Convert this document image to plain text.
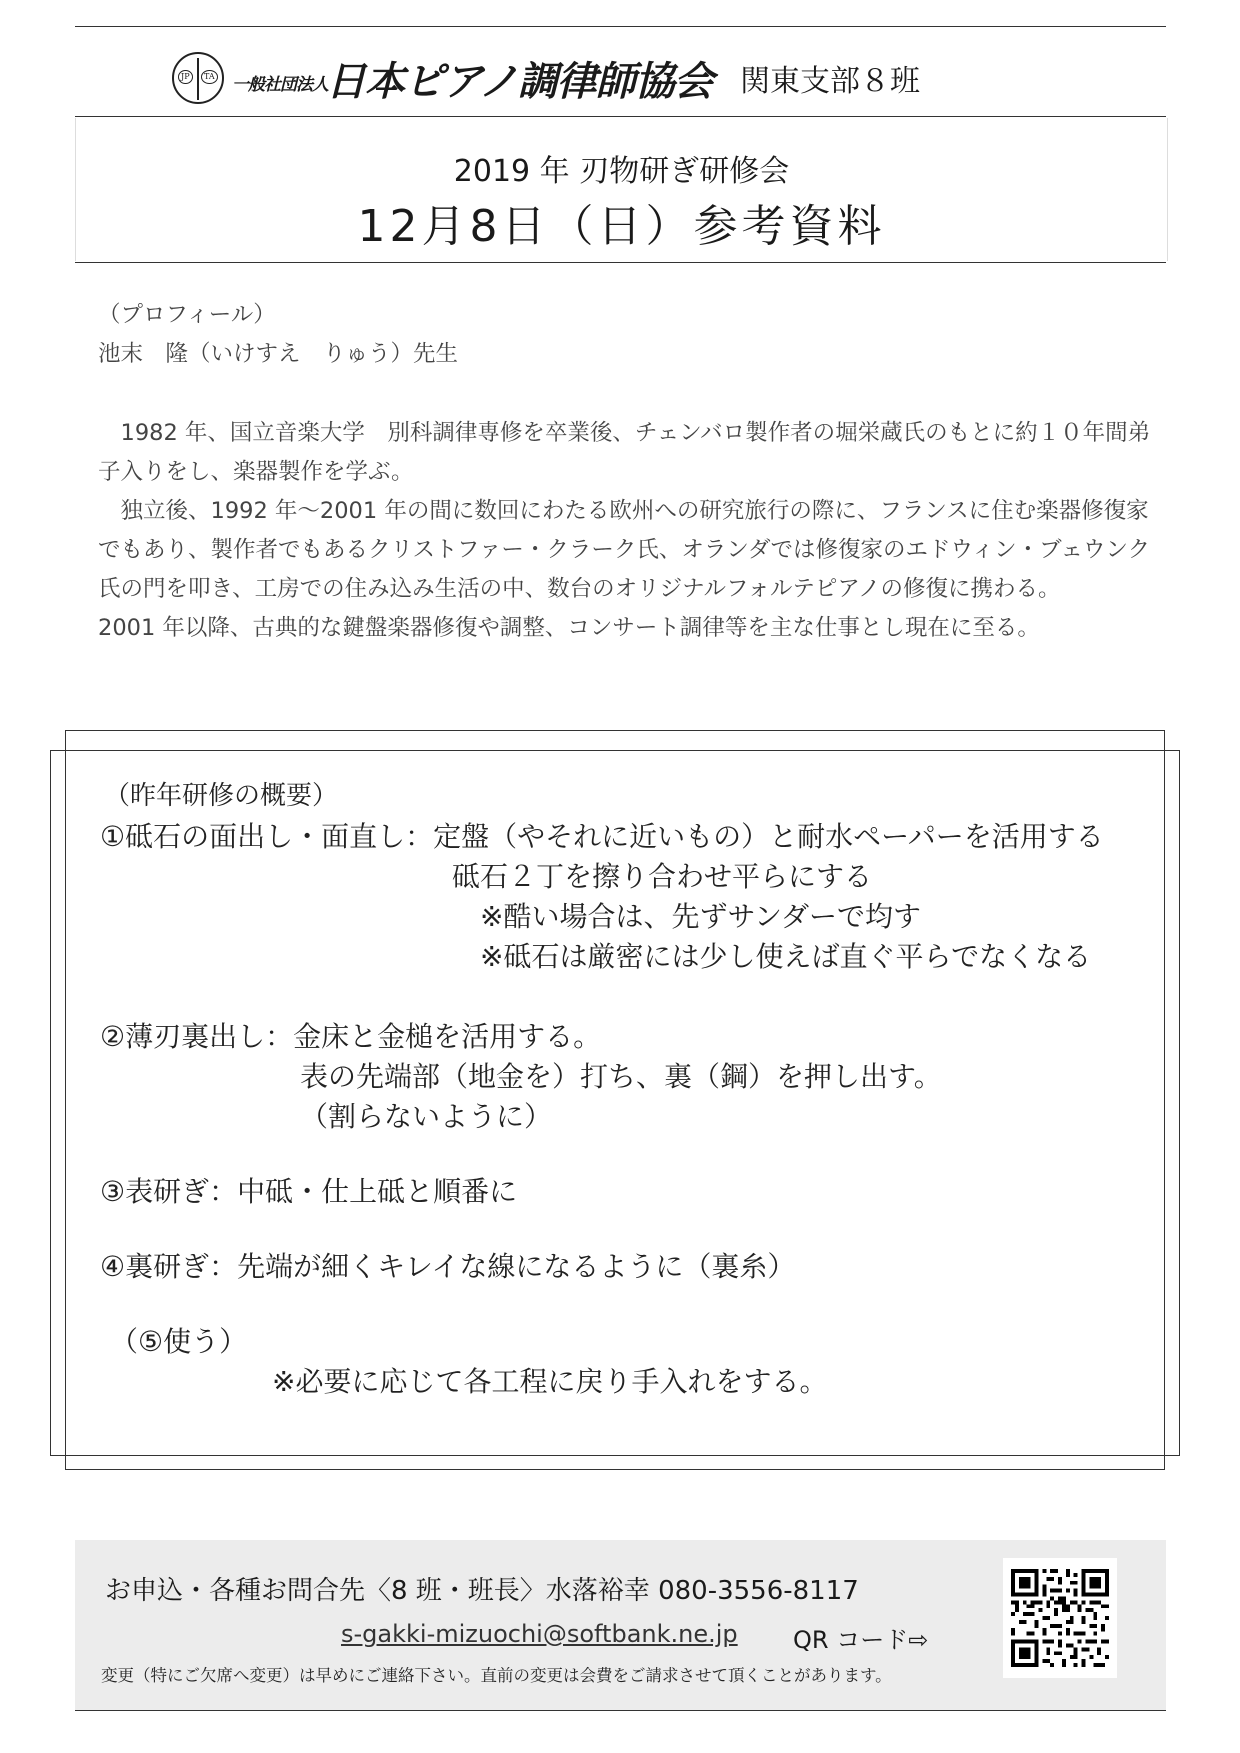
JP	TA 一般社団法人
日本ピアノ調律師協会 関東支部８班
2019 年 刃物研ぎ研修会
12月8日（日）参考資料

（プロフィール）

池末　隆（いけすえ　りゅう）先生

1982 年、国立音楽大学　別科調律専修を卒業後、チェンバロ製作者の堀栄蔵氏のもとに約１０年間弟子入りをし、楽器製作を学ぶ。

独立後、1992 年～2001 年の間に数回にわたる欧州への研究旅行の際に、フランスに住む楽器修復家でもあり、製作者でもあるクリストファー・クラーク氏、オランダでは修復家のエドウィン・ブェウンク氏の門を叩き、工房での住み込み生活の中、数台のオリジナルフォルテピアノの修復に携わる。

2001 年以降、古典的な鍵盤楽器修復や調整、コンサート調律等を主な仕事とし現在に至る。

（昨年研修の概要）
①砥石の面出し・面直し：定盤（やそれに近いもの）と耐水ペーパーを活用する
砥石２丁を擦り合わせ平らにする
※酷い場合は、先ずサンダーで均す
※砥石は厳密には少し使えば直ぐ平らでなくなる
②薄刃裏出し：金床と金槌を活用する。
表の先端部（地金を）打ち、裏（鋼）を押し出す。
（割らないように）
③表研ぎ：中砥・仕上砥と順番に
④裏研ぎ：先端が細くキレイな線になるように（裏糸）
（⑤使う）
※必要に応じて各工程に戻り手入れをする。
お申込・各種お問合先〈8 班・班長〉水落裕幸 080-3556-8117
s-gakki-mizuochi@softbank.ne.jp QR コード⇨
変更（特にご欠席へ変更）は早めにご連絡下さい。直前の変更は会費をご請求させて頂くことがあります。
